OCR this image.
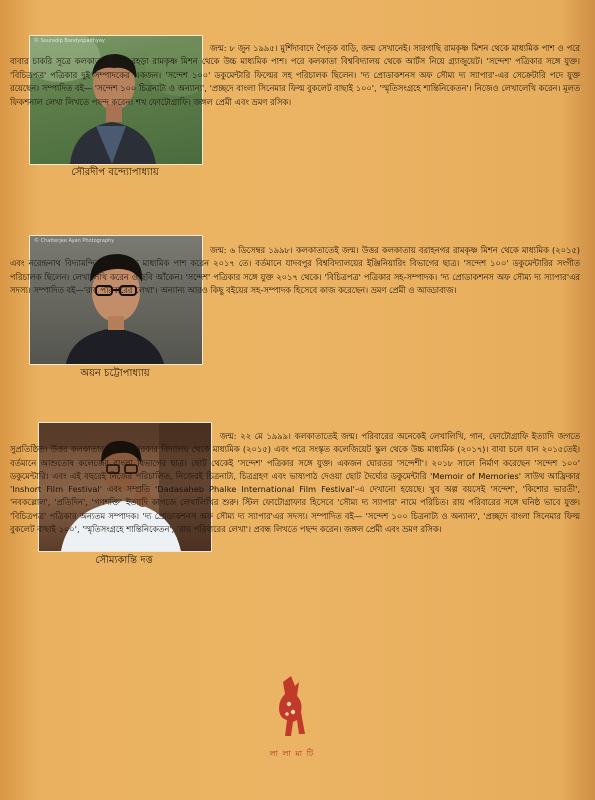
© Souradip Bandyopadhyay
সৌরদীপ বন্দ্যোপাধ্যায়

জন্ম: ৮ জুন ১৯৯৫। মুর্শিদাবাদে পৈতৃক বাড়ি, জন্ম সেখানেই। সারগাছি রামকৃষ্ণ মিশন থেকে মাধ্যমিক পাশ ও পরে বাবার চাকরি সূত্রে কলকাতায় এসে রহড়া রামকৃষ্ণ মিশন থেকে উচ্চ মাধ্যমিক পাশ। পরে কলকাতা বিশ্ববিদ্যালয় থেকে আর্টস নিয়ে গ্র্যাজুয়েট। 'সন্দেশ' পত্রিকার সঙ্গে যুক্ত। 'বিচিত্রপত্র' পত্রিকার দুই সম্পাদকের একজন। 'সন্দেশ ১০০' ডকুমেন্টারি ফিল্মের সহ পরিচালক ছিলেন। 'দ্য প্রোডাকশনস অফ সৌম্য দ্য স্যাপার'-এর সেক্রেটারি পদে যুক্ত রয়েছেন। সম্পাদিত বই— 'সন্দেশ ১০০ চিত্রনাট্য ও অন্যান্য', 'প্রচ্ছদে বাংলা সিনেমার ফিল্ম বুকলেট বাছাই ১০০', 'স্মৃতিসংগ্রহে শান্তিনিকেতন'। নিজেও লেখালেখি করেন। মূলত ফিকশনাল লেখা লিখতে পছন্দ করেন। শখ ফোটোগ্রাফি। জঙ্গল প্রেমী এবং ভ্রমণ রসিক।

© Chatterjee Ayan Photography
অয়ন চট্টোপাধ্যায়

জন্ম: ৬ ডিসেম্বর ১৯৯৮। কলকাতাতেই জন্ম। উত্তর কলকাতায় বরাহনগর রামকৃষ্ণ মিশন থেকে মাধ্যমিক (২০১৫) এবং নরেন্দ্রনাথ বিদ্যামন্দির থেকে উচ্চ মাধ্যমিক পাশ করেন ২০১৭ তে। বর্তমানে যাদবপুর বিশ্ববিদ্যালয়ের ইঞ্জিনিয়ারিং বিভাগের ছাত্র। 'সন্দেশ ১০০' ডকুমেন্টারির সংগীত পরিচালক ছিলেন। লেখালেখি করেন ও ছবি আঁকেন। 'সন্দেশ' পত্রিকার সঙ্গে যুক্ত ২০১৭ থেকে। 'বিচিত্রপত্র' পত্রিকার সহ-সম্পাদক। 'দ্য প্রোডাকশনস অফ সৌম্য দ্য স্যাপার'এর সদস্য। সম্পাদিত বই—'রায় পরিবারের লেখা'। অন্যান্য আরও কিছু বইয়ের সহ-সম্পাদক হিসেবে কাজ করেছেন। ভ্রমণ প্রেমী ও আড্ডাবাজ।

সৌম্যকান্তি দত্ত

জন্ম: ২২ মে ১৯৯৯। কলকাতাতেই জন্ম। পরিবারের অনেকেই লেখালিখি, গান, ফোটোগ্রাফি ইত্যাদি জগতে সুপ্রতিষ্ঠিত। উত্তর কলকাতার শৈলেন্দ্র সরকার বিদ্যালয় থেকে মাধ্যমিক (২০১৫) এবং পরে সংস্কৃত কলেজিয়েট স্কুল থেকে উচ্চ মাধ্যমিক (২০১৭)। বাবা চলে যান ২০১৫তেই। বর্তমানে আশুতোষ কলেজের বাংলা বিভাগের ছাত্র। ছোট থেকেই 'সন্দেশ' পত্রিকার সঙ্গে যুক্ত। একজন ঘোরতর 'সন্দেশী'। ২০১৮ সালে নির্মাণ করেছেন 'সন্দেশ ১০০' ডকুমেন্টারি। এবং এই বছরেই নিজের পরিচালিত, নিজেরই চিত্রনাট্য, চিত্রগ্রহণ এবং ভাষ্যপাঠ দেওয়া ছোট দৈর্ঘ্যের ডকুমেন্টারি 'Memoir of Memories' সাউথ আফ্রিকার 'Inshort Film Festival' এবং সম্প্রতি 'Dadasaheb Phalke International Film Festival'-এ দেখানো হয়েছে। খুব অল্প বয়সেই 'সন্দেশ', 'কিশোর ভারতী', 'নবকল্লোল', 'প্রতিদিন', 'গণশক্তি' ইত্যাদি কাগজে লেখালিখির শুরু। স্টিল ফোটোগ্রাফার হিসেবে 'সৌম্য দ্য স্যাপার' নামে পরিচিত। রায় পরিবারের সঙ্গে ঘনিষ্ঠ ভাবে যুক্ত। 'বিচিত্রপত্র' পত্রিকার অন্যতম সম্পাদক। 'দ্য প্রোডাকশনস অফ সৌম্য দ্য স্যাপার'এর সদস্য। সম্পাদিত বই— 'সন্দেশ ১০০ চিত্রনাট্য ও অন্যান্য', 'প্রচ্ছদে বাংলা সিনেমার ফিল্ম বুকলেট বাছাই ১০০', 'স্মৃতিসংগ্রহে শান্তিনিকেতন', 'রায় পরিবারের লেখা'। প্রবন্ধ লিখতে পছন্দ করেন। জঙ্গল প্রেমী এবং ভ্রমণ রসিক।

লা লা মা টি
